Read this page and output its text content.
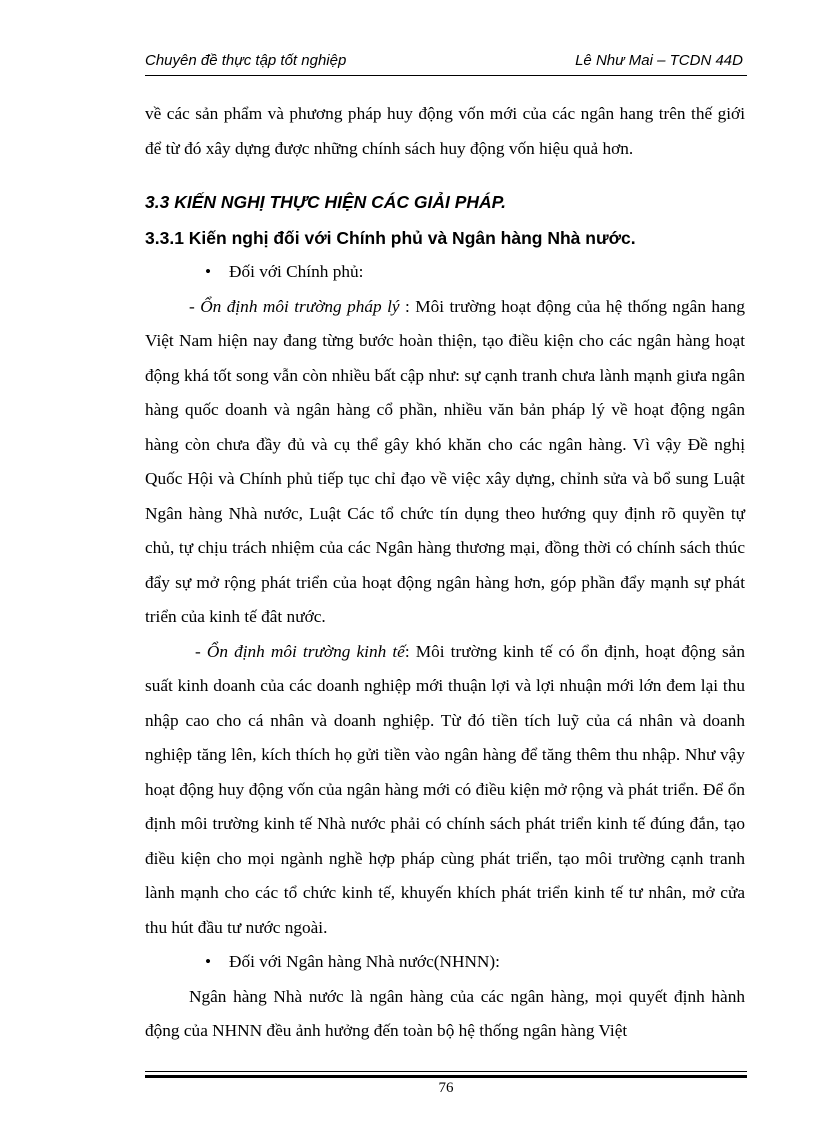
Chuyên đề thực tập tốt nghiệp	Lê Như Mai – TCDN 44D

về các sản phẩm và phương pháp huy động vốn mới của các ngân hang trên thế giới để từ đó xây dựng được những chính sách huy động vốn hiệu quả hơn.

3.3 KIẾN NGHỊ THỰC HIỆN CÁC GIẢI PHÁP.

3.3.1 Kiến nghị đối với Chính phủ và Ngân hàng Nhà nước.

• Đối với Chính phủ:

- Ổn định môi trường pháp lý : Môi trường hoạt động của hệ thống ngân hang Việt Nam hiện nay đang từng bước hoàn thiện, tạo điều kiện cho các ngân hàng hoạt động khá tốt song vẫn còn nhiều bất cập như: sự cạnh tranh chưa lành mạnh giưa ngân hàng quốc doanh và ngân hàng cổ phần, nhiều văn bản pháp lý về hoạt động ngân hàng còn chưa đầy đủ và cụ thể gây khó khăn cho các ngân hàng. Vì vậy Đề nghị Quốc Hội và Chính phủ tiếp tục chỉ đạo về việc xây dựng, chỉnh sửa và bổ sung Luật Ngân hàng Nhà nước, Luật Các tổ chức tín dụng theo hướng quy định rõ quyền tự chủ, tự chịu trách nhiệm của các Ngân hàng thương mại, đồng thời có chính sách thúc đẩy sự mở rộng phát triển của hoạt động ngân hàng hơn, góp phần đẩy mạnh sự phát triển của kinh tế đât nước.

- Ổn định môi trường kinh tế: Môi trường kinh tế có ổn định, hoạt động sản suất kinh doanh của các doanh nghiệp mới thuận lợi và lợi nhuận mới lớn đem lại thu nhập cao cho cá nhân và doanh nghiệp. Từ đó tiền tích luỹ của cá nhân và doanh nghiệp tăng lên, kích thích họ gửi tiền vào ngân hàng để tăng thêm thu nhập. Như vậy hoạt động huy động vốn của ngân hàng mới có điều kiện mở rộng và phát triển. Để ổn định môi trường kinh tế Nhà nước phải có chính sách phát triển kinh tế đúng đắn, tạo điều kiện cho mọi ngành nghề hợp pháp cùng phát triển, tạo môi trường cạnh tranh lành mạnh cho các tổ chức kinh tế, khuyến khích phát triển kinh tế tư nhân, mở cửa thu hút đầu tư nước ngoài.

• Đối với Ngân hàng Nhà nước(NHNN):

Ngân hàng Nhà nước là ngân hàng của các ngân hàng, mọi quyết định hành động của NHNN đều ảnh hưởng đến toàn bộ hệ thống ngân hàng Việt

76
